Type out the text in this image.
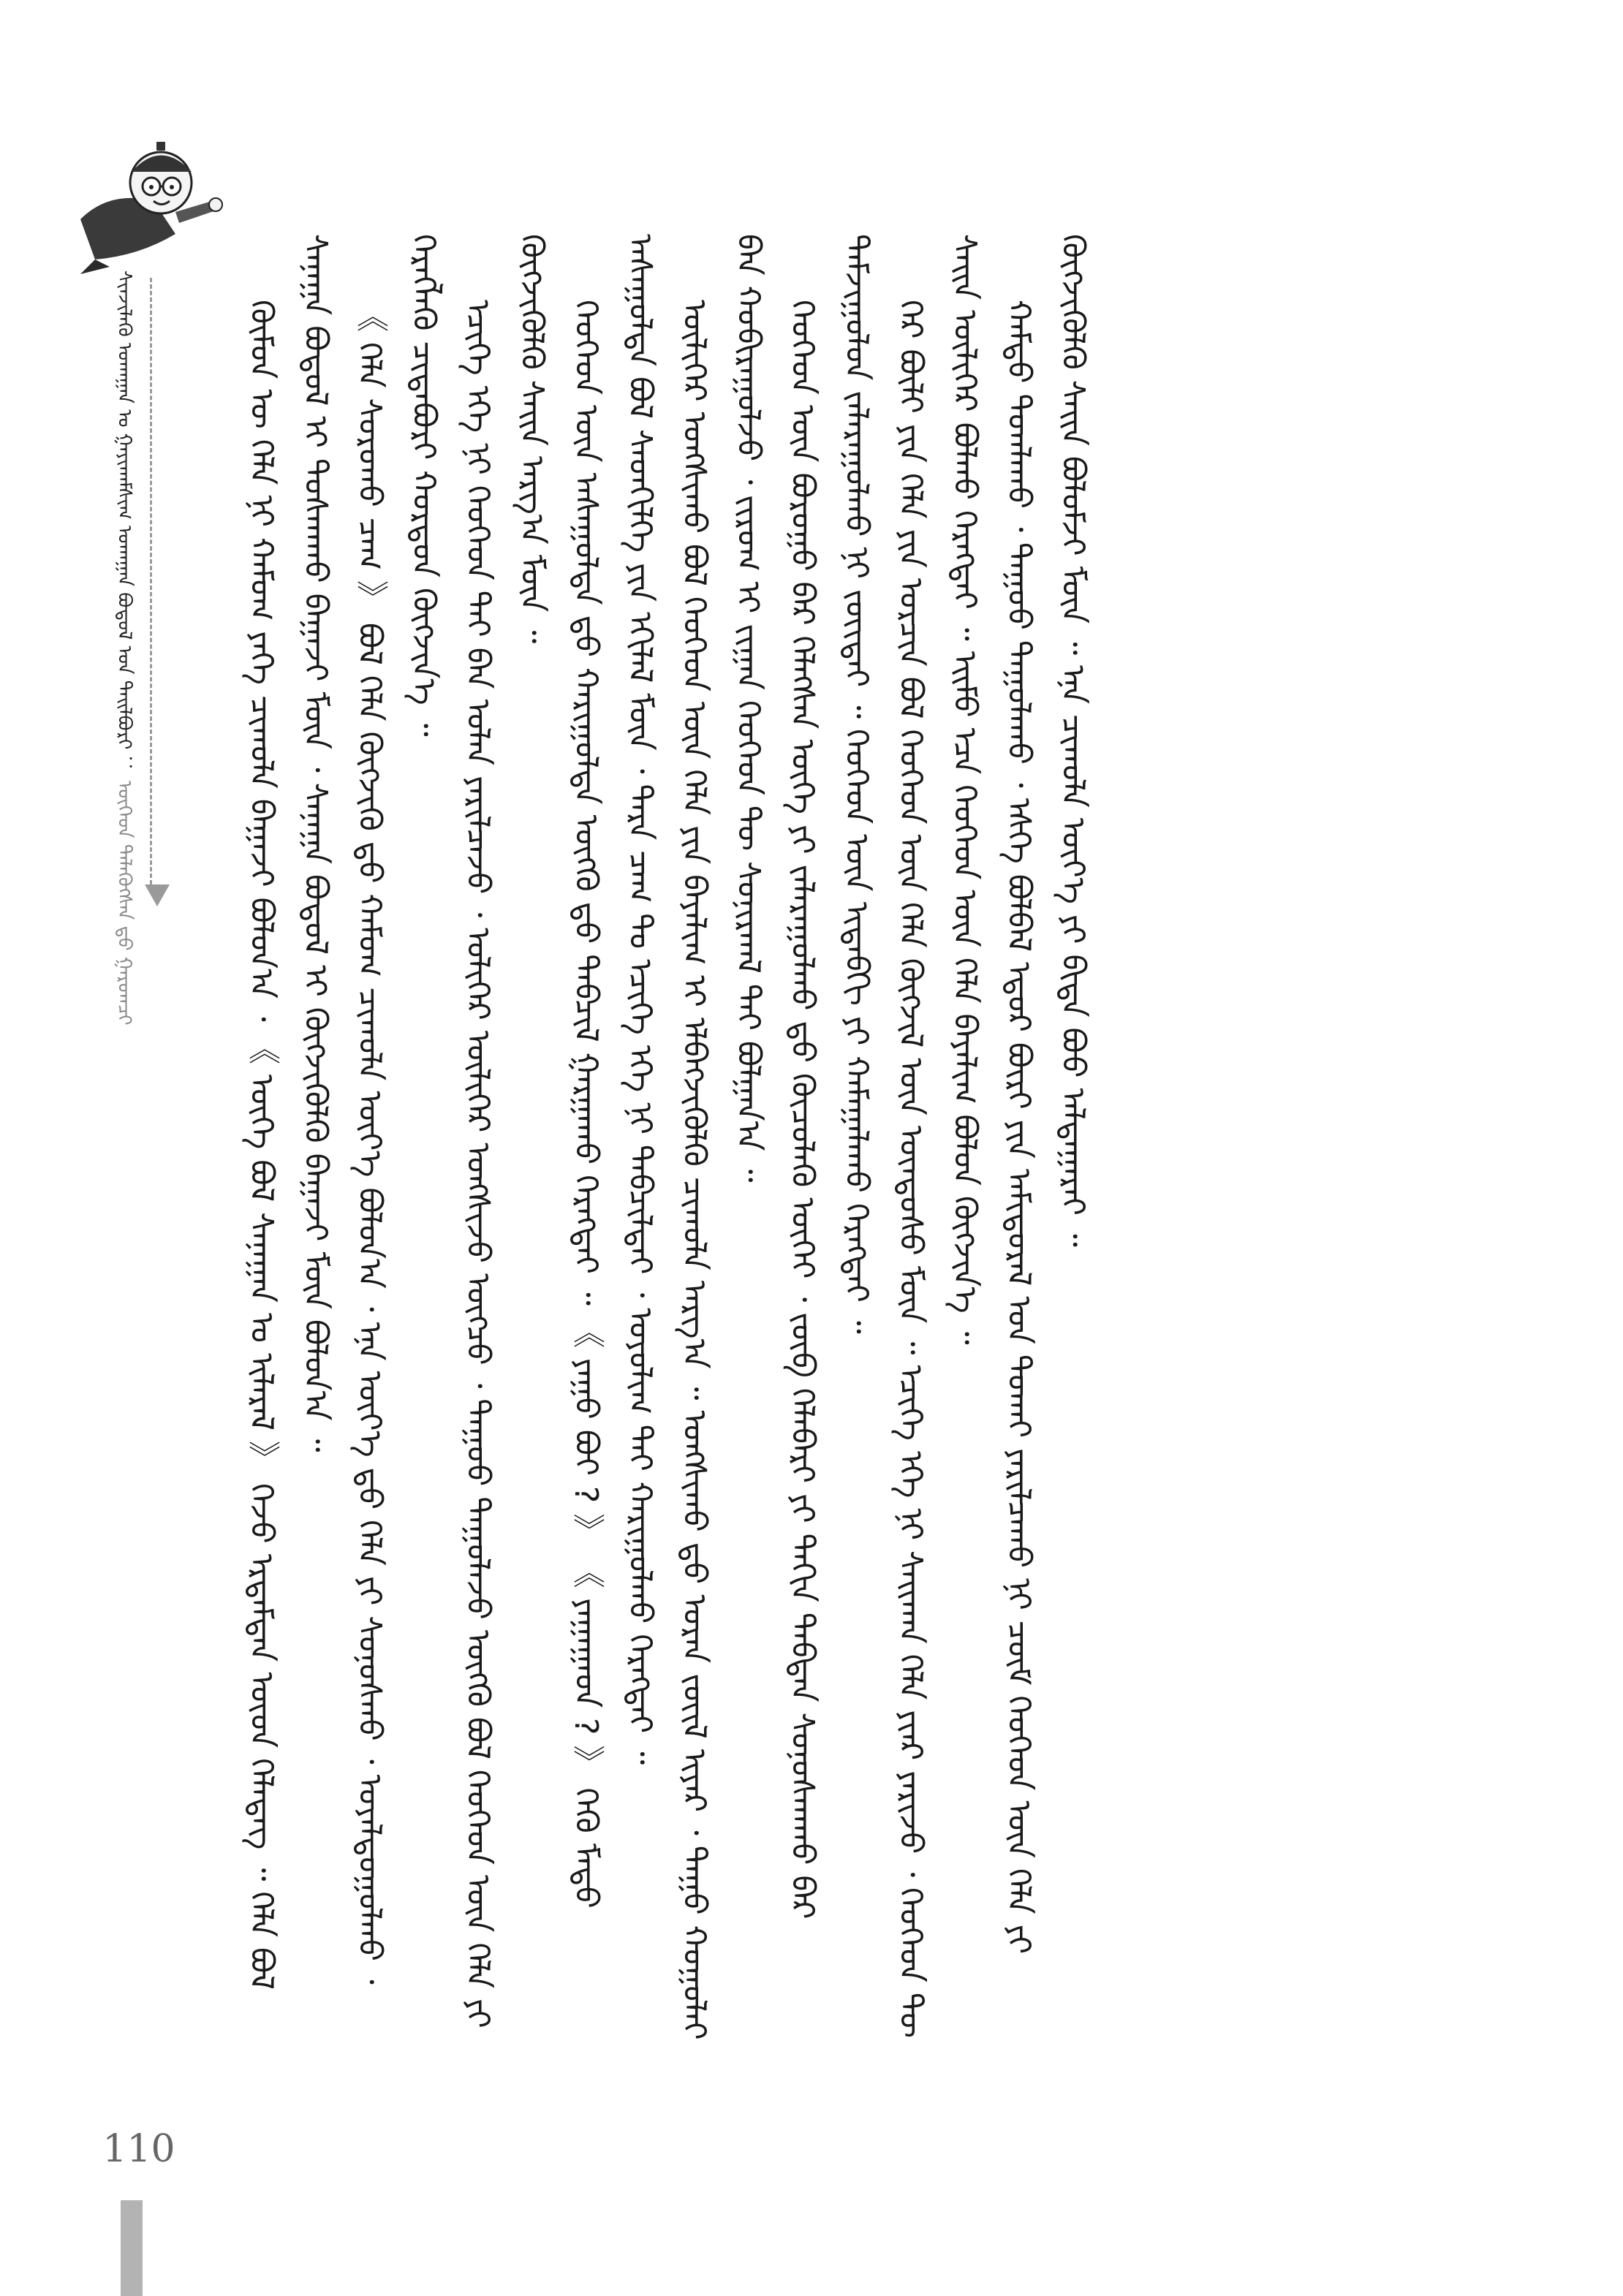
ᠰᠢᠨᠵᠢᠯᠡᠬᠦ ᠤᠬᠠᠭᠠᠨ ᠤ ᠭᠠᠶᠢᠬᠠᠮᠰᠢᠭ ᠤᠬᠠᠭᠠᠨ ᠪᠣᠳᠣᠯ ᠤᠨ ᠲᠠᠢᠯᠪᠤᠷᠢ ： ᠦᠬᠡᠳ ᠲᠡᠯᠡᠭᠦᠭᠰᠡᠨ ᠳ᠋ᠦ ᠭᠠᠷᠤᠭᠴᠢ	ᠬᠦᠮᠦᠨ ᠦ ᠬᠡᠯᠡ ᠨᠢ ᠬᠠᠮᠤᠭ ᠶᠡᠬᠡ ᠴᠢᠬᠤᠯᠠ ᠪᠠᠭᠠᠵᠢ ᠪᠣᠯᠤᠨ᠎ᠠ ᠂ 《 ᠦᠭᠡ ᠪᠣᠯ ᠰᠠᠨᠠᠭᠠᠨ ᠤ ᠢᠯᠡᠷᠡᠯ 》 ᠭᠡᠵᠦ ᠡᠷᠳᠡᠮᠲᠡᠨ ᠦᠳ ᠬᠡᠯᠡᠳᠡᠭ ᠃ ᠬᠡᠯᠡ ᠪᠣᠯ ᠰᠠᠨᠠᠭᠠ ᠪᠣᠳᠣᠯ ᠢ ᠲᠤᠰᠬᠠᠬᠤ ᠪᠠᠭᠠᠵᠢ ᠮᠥᠨ ᠂ ᠰᠠᠨᠠᠭᠠ ᠪᠣᠳᠣᠯ ᠢ ᠬᠥᠭᠵᠢᠭᠦᠯᠬᠦ ᠪᠠᠭᠠᠵᠢ ᠮᠥᠨ ᠪᠣᠯᠤᠨ᠎ᠠ ᠃ 《 ᠬᠡᠯᠡ ᠰᠤᠷᠤᠬᠤ ᠴᠠᠭ 》 ᠪᠣᠯ ᠬᠡᠯᠡ ᠬᠥᠭᠵᠢᠬᠦ ᠳ᠋ᠦ ᠬᠠᠮᠤᠭ ᠴᠢᠬᠤᠯᠠ ᠦᠶ᠎ᠡ ᠪᠣᠯᠤᠨ᠎ᠠ ᠂ ᠡᠨᠡ ᠦᠶ᠎ᠡ ᠳ᠋ᠦ ᠬᠡᠯᠡ ᠶᠢ ᠰᠣᠨᠣᠰᠬᠤ ᠂ ᠤᠶᠠᠯᠳᠤᠭᠤᠯᠬᠤ ᠂ ᠬᠡᠷᠡᠭᠯᠡᠬᠦ ᠴᠢᠳᠠᠪᠤᠷᠢ ᠬᠤᠷᠳᠤᠨ ᠬᠥᠭᠵᠢᠨ᠎ᠡ ᠃ ᠡᠴᠢᠭᠡ ᠡᠬᠡ ᠨᠢ ᠬᠡᠦᠬᠡᠳ ᠲᠡᠢ ᠪᠡᠨ ᠣᠯᠠᠨ ᠶᠠᠷᠢᠯᠴᠠᠵᠤ ᠂ ᠤᠯᠢᠭᠡᠷ ᠦᠯᠢᠭᠡᠷ ᠤᠩᠰᠢᠵᠤ ᠦᠭᠴᠦ ᠂ ᠳᠠᠭᠤᠤ ᠳᠠᠭᠤᠯᠠᠵᠤ ᠦᠭᠬᠦ ᠪᠣᠯ ᠬᠡᠦᠬᠡᠳ ᠦᠨ ᠬᠡᠯᠡ ᠶᠢ ᠬᠥᠭᠵᠢᠭᠦᠯᠬᠦ ᠰᠠᠢᠨ ᠠᠷᠭ᠎ᠠ ᠮᠥᠨ ᠃ ᠬᠡᠦᠬᠡᠳ ᠦᠨ ᠠᠰᠠᠭᠤᠯᠲᠠ ᠳ᠋ᠤ ᠬᠠᠷᠢᠭᠤᠯᠲᠠ ᠥᠭᠬᠦ ᠳ᠋ᠦ ᠲᠡᠪᠴᠢᠯ ᠭᠠᠷᠭᠠᠬᠤ ᠬᠡᠷᠡᠭᠲᠡᠢ ᠃ 《 ᠶᠠᠭᠤ ᠪᠤᠢ ? 》 《 ᠶᠠᠭᠠᠭᠠᠳ ? 》 ᠭᠡᠬᠦ ᠮᠡᠲᠦ ᠠᠰᠠᠭᠤᠯᠲᠠ ᠪᠣᠯ ᠰᠡᠳᠬᠢᠯᠭᠡ ᠶᠢᠨ ᠡᠬᠢᠯᠡᠯ ᠮᠥᠨ ᠂ ᠲᠡᠷᠡ ᠴᠠᠭ ᠲᠤ ᠡᠴᠢᠭᠡ ᠡᠬᠡ ᠨᠢ ᠲᠡᠪᠴᠢᠯᠲᠡᠢ ᠂ ᠣᠶᠤᠯᠢᠭ ᠲᠠᠢ ᠬᠠᠷᠢᠭᠤᠯᠬᠤ ᠬᠡᠷᠡᠭᠲᠡᠢ ᠃ ᠦᠯᠢᠭᠡᠷ ᠤᠩᠰᠢᠬᠤ ᠪᠣᠯ ᠬᠡᠦᠬᠡᠳ ᠦᠨ ᠬᠡᠯᠡ ᠶᠢᠨ ᠪᠠᠶᠠᠯᠢᠭ ᠢ ᠡᠯᠪᠡᠭᠵᠢᠭᠦᠯᠬᠦ ᠴᠢᠬᠤᠯᠠ ᠠᠷᠭ᠎ᠠ ᠃ ᠤᠩᠰᠢᠬᠤ ᠳ᠋ᠤ ᠤᠷᠠᠨ ᠵᠦᠢᠯ ᠢᠶᠡᠷ ᠂ ᠳᠠᠭᠤ ᠬᠤᠭᠤᠯᠠᠢ ᠪᠡᠨ ᠬᠤᠪᠢᠷᠠᠭᠤᠯᠵᠤ ᠂ ᠵᠢᠷᠤᠭ ᠢ ᠵᠢᠭᠠᠨ ᠬᠡᠦᠬᠡᠳ ᠲᠦ ᠰᠣᠨᠢᠷᠬᠠᠯ ᠲᠠᠢ ᠪᠣᠯᠭᠠᠨ᠎ᠠ ᠃ ᠬᠡᠦᠬᠡᠳ ᠦᠨ ᠪᠤᠷᠤᠭᠤ ᠪᠠᠷ ᠬᠡᠯᠡᠭᠰᠡᠨ ᠦᠭᠡ ᠶᠢ ᠵᠠᠯᠠᠷᠠᠭᠤᠯᠬᠤ ᠳ᠋ᠤ ᠬᠦᠴᠦᠯᠡᠬᠦ ᠦᠭᠡᠢ ᠂ ᠵᠥᠪ ᠬᠡᠯᠡᠪᠡᠷᠢ ᠶᠢ ᠳᠠᠬᠢᠨ ᠳᠠᠪᠲᠠᠨ ᠰᠣᠨᠣᠰᠬᠠᠬᠤ ᠪᠠᠷ ᠳᠠᠮᠵᠢᠭᠤᠯᠤᠨ ᠵᠠᠯᠠᠷᠠᠭᠤᠯᠬᠤ ᠨᠢ ᠵᠦᠢᠲᠡᠢ ᠃ ᠬᠡᠦᠬᠡᠳ ᠦᠨ ᠢᠳᠡᠪᠬᠢ ᠶᠢ ᠬᠠᠮᠠᠭᠠᠯᠠᠬᠤ ᠬᠡᠷᠡᠭᠲᠡᠢ ᠃ ᠭᠡᠷ ᠪᠦᠯᠢ ᠶᠢᠨ ᠬᠡᠯᠡ ᠶᠢᠨ ᠣᠷᠴᠢᠨ ᠪᠣᠯ ᠬᠡᠦᠬᠡᠳ ᠦᠨ ᠬᠡᠯᠡ ᠬᠥᠭᠵᠢᠯ ᠦᠨ ᠦᠨᠳᠦᠰᠦ ᠮᠥᠨ ᠃ ᠡᠴᠢᠭᠡ ᠡᠬᠡ ᠨᠢ ᠰᠠᠢᠬᠠᠨ ᠬᠡᠯᠡ ᠶᠢᠡᠷ ᠶᠠᠷᠢᠵᠤ ᠂ ᠬᠡᠦᠬᠡᠳ ᠲᠦ ᠰᠠᠢᠨ ᠦᠯᠢᠭᠡᠷ ᠪᠣᠯᠬᠤ ᠬᠡᠷᠡᠭᠲᠡᠢ ᠃ ᠡᠢᠮᠦ ᠡᠴᠡ ᠬᠡᠦᠬᠡᠳ ᠦᠨ ᠬᠡᠯᠡ ᠪᠠᠶᠠᠯᠢᠭ ᠪᠣᠯᠤᠨ ᠬᠥᠭᠵᠢᠨ᠎ᠡ ᠃ ᠬᠠᠮᠲᠤ ᠲᠣᠭᠯᠠᠬᠤ ᠂ ᠳᠠᠭᠤᠤ ᠳᠠᠭᠤᠯᠠᠬᠤ ᠂ ᠡᠰᠬᠡ ᠪᠣᠯᠪᠠᠯ ᠡᠳᠦᠷ ᠪᠦᠷᠢ ᠶᠢᠨ ᠠᠮᠢᠳᠤᠷᠠᠯ ᠤᠨ ᠲᠤᠬᠠᠢ ᠶᠠᠷᠢᠯᠴᠠᠬᠤ ᠨᠢ ᠴᠥᠮ ᠬᠡᠦᠬᠡᠳ ᠦᠨ ᠬᠡᠯᠡ ᠶᠢ ᠬᠥᠭᠵᠢᠭᠦᠯᠬᠦ ᠰᠠᠢᠨ ᠪᠣᠯᠤᠮᠵᠢ ᠮᠥᠨ ᠃ ᠡᠨᠡ ᠴᠢᠬᠤᠯᠠ ᠦᠶ᠎ᠡ ᠶᠢ ᠪᠢᠳᠡ ᠪᠦᠦ ᠠᠯᠳᠠᠭᠠᠷᠠᠢ ᠃

110
